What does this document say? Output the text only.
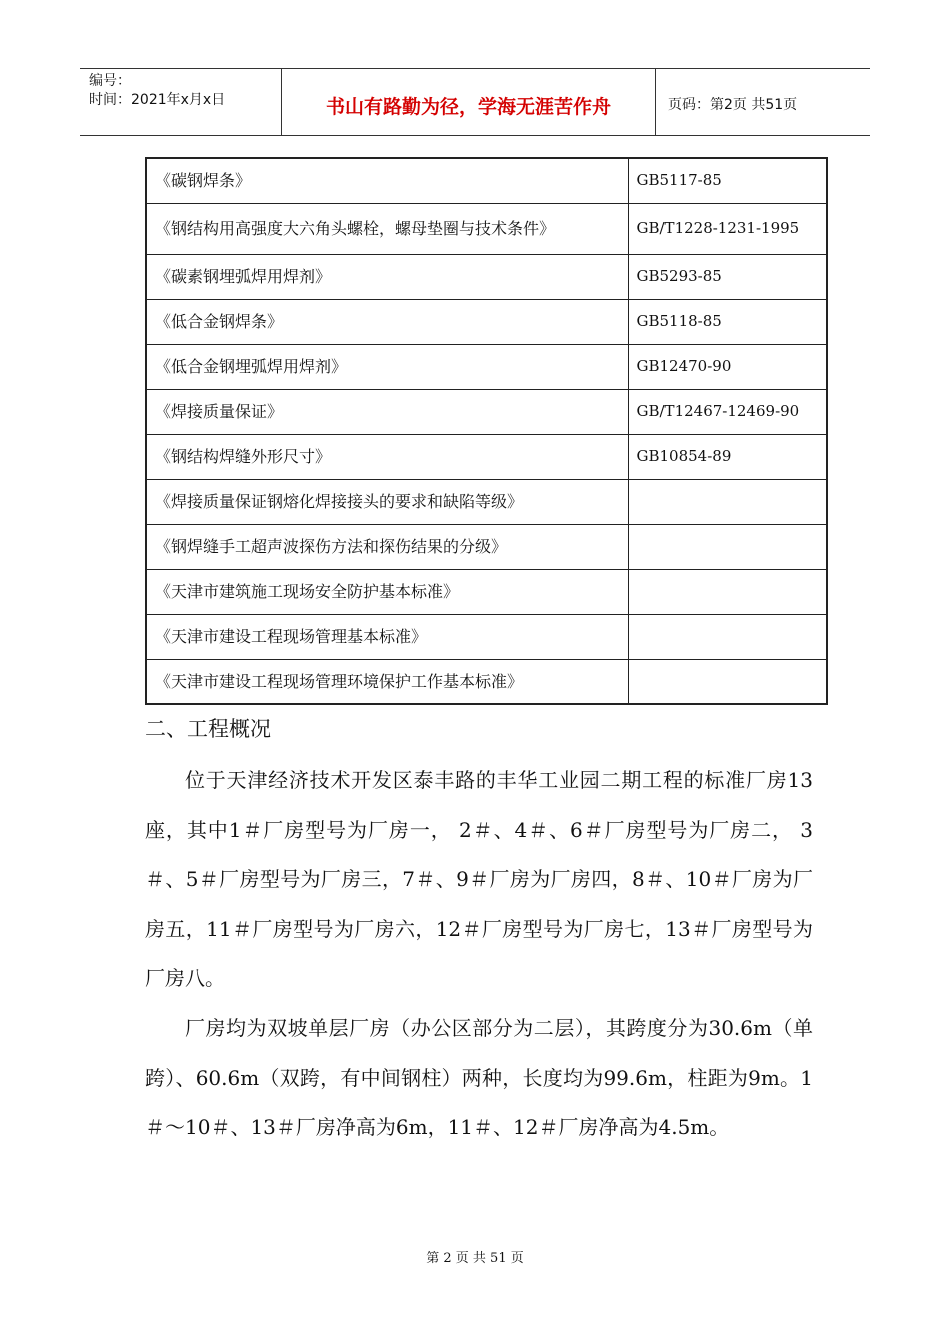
编号：
时间：2021年x月x日	书山有路勤为径，学海无涯苦作舟	页码：第2页 共51页
《碳钢焊条》	GB5117-85
《钢结构用高强度大六角头螺栓，螺母垫圈与技术条件》	GB/T1228-1231-1995
《碳素钢埋弧焊用焊剂》	GB5293-85
《低合金钢焊条》	GB5118-85
《低合金钢埋弧焊用焊剂》	GB12470-90
《焊接质量保证》	GB/T12467-12469-90
《钢结构焊缝外形尺寸》	GB10854-89
《焊接质量保证钢熔化焊接接头的要求和缺陷等级》	
《钢焊缝手工超声波探伤方法和探伤结果的分级》	
《天津市建筑施工现场安全防护基本标准》	
《天津市建设工程现场管理基本标准》	
《天津市建设工程现场管理环境保护工作基本标准》	
二、工程概况

位于天津经济技术开发区泰丰路的丰华工业园二期工程的标准厂房13座，其中1＃厂房型号为厂房一， 2＃、4＃、6＃厂房型号为厂房二， 3＃、5＃厂房型号为厂房三，7＃、9＃厂房为厂房四，8＃、10＃厂房为厂房五，11＃厂房型号为厂房六，12＃厂房型号为厂房七，13＃厂房型号为厂房八。

厂房均为双坡单层厂房（办公区部分为二层），其跨度分为30.6m（单跨）、60.6m（双跨，有中间钢柱）两种，长度均为99.6m，柱距为9m。1＃～10＃、13＃厂房净高为6m，11＃、12＃厂房净高为4.5m。

第 2 页 共 51 页
